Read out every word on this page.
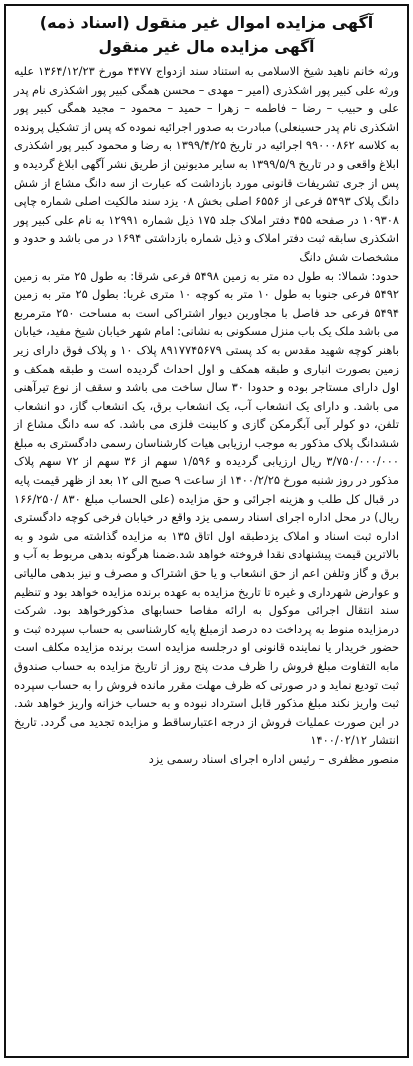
آگهی مزایده اموال غیر منقول (اسناد ذمه)
آگهی مزایده مال غیر منقول

ورثه خانم ناهید شیخ الاسلامی به استناد سند ازدواج ۴۴۷۷ مورخ ۱۳۶۴/۱۲/۲۳ علیه ورثه علی کبیر پور اشکذری (امیر – مهدی – محسن همگی کبیر پور اشکذری نام پدر علی و حبیب – رضا – فاطمه – زهرا – حمید – محمود – مجید همگی کبیر پور اشکذری نام پدر حسینعلی) مبادرت به صدور اجرائیه نموده که پس از تشکیل پرونده به کلاسه ۹۹۰۰۰۸۶۲ اجرائیه در تاریخ ۱۳۹۹/۴/۲۵ به رضا و محمود کبیر پور اشکذری ابلاغ واقعی و در تاریخ ۱۳۹۹/۵/۹ به سایر مدیونین از طریق نشر آگهی ابلاغ گردیده و پس از جری تشریفات قانونی مورد بازداشت که عبارت از سه دانگ مشاع از شش دانگ پلاک ۵۴۹۳ فرعی از ۶۵۵۶ اصلی بخش ۰۸ یزد سند مالکیت اصلی شماره چاپی ۱۰۹۳۰۸ در صفحه ۴۵۵ دفتر املاک جلد ۱۷۵ ذیل شماره ۱۲۹۹۱ به نام علی کبیر پور اشکذری سابقه ثبت دفتر املاک و ذیل شماره بازداشتی ۱۶۹۴ در می باشد و حدود و مشخصات شش دانگ

حدود: شمالا: به طول ده متر به زمین ۵۴۹۸ فرعی شرقا: به طول ۲۵ متر به زمین ۵۴۹۲ فرعی جنوبا به طول ۱۰ متر به کوچه ۱۰ متری غربا: بطول ۲۵ متر به زمین ۵۴۹۴ فرعی حد فاصل با مجاورین دیوار اشتراکی است به مساحت ۲۵۰ مترمربع می باشد ملک یک باب منزل مسکونی به نشانی: امام شهر خیابان شیخ مفید، خیابان باهنر کوچه شهید مقدس به کد پستی ۸۹۱۷۷۴۵۶۷۹ پلاک ۱۰ و پلاک فوق دارای زیر زمین بصورت انباری و طبقه همکف و اول احداث گردیده است و طبقه همکف و اول دارای مستاجر بوده و حدودا ۳۰ سال ساخت می باشد و سقف از نوع تیرآهنی می باشد. و دارای یک انشعاب آب، یک انشعاب برق، یک انشعاب گاز، دو انشعاب تلفن، دو کولر آبی آبگرمکن گازی و کابینت فلزی می باشد. که سه دانگ مشاع از ششدانگ پلاک مذکور به موجب ارزیابی هیات کارشناسان رسمی دادگستری به مبلغ ۳/۷۵۰/۰۰۰/۰۰۰ ریال ارزیابی گردیده و ۱/۵۹۶ سهم از ۳۶ سهم از ۷۲ سهم پلاک مذکور در روز شنبه مورخ ۱۴۰۰/۲/۲۵ از ساعت ۹ صبح الی ۱۲ بعد از ظهر قیمت پایه در قبال کل طلب و هزینه اجرائی و حق مزایده (علی الحساب مبلغ ۸۳۰ /۱۶۶/۲۵۰ ریال) در محل اداره اجرای اسناد رسمی یزد واقع در خیابان فرخی کوچه دادگستری اداره ثبت اسناد و املاک یزدطبقه اول اتاق ۱۳۵ به مزایده گذاشته می شود و به بالاترین قیمت پیشنهادی نقدا فروخته خواهد شد.ضمنا هرگونه بدهی مربوط به آب و برق و گاز وتلفن اعم از حق انشعاب و یا حق اشتراک و مصرف و نیز بدهی مالیاتی و عوارض شهرداری و غیره تا تاریخ مزایده به عهده برنده مزایده خواهد بود و تنظیم سند انتقال اجرائی موکول به ارائه مفاصا حسابهای مذکورخواهد بود. شرکت درمزایده منوط به پرداخت ده درصد ازمبلغ پایه کارشناسی به حساب سپرده ثبت و حضور خریدار یا نماینده قانونی او درجلسه مزایده است برنده مزایده مکلف است مابه التفاوت مبلغ فروش را ظرف مدت پنج روز از تاریخ مزایده به حساب صندوق ثبت تودیع نماید و در صورتی که ظرف مهلت مقرر مانده فروش را به حساب سپرده ثبت واریز نکند مبلغ مذکور قابل استرداد نبوده و به حساب خزانه واریز خواهد شد. در این صورت عملیات فروش از درجه اعتبارساقط و مزایده تجدید می گردد. تاریخ انتشار ۱۴۰۰/۰۲/۱۲

منصور مظفری – رئیس اداره اجرای اسناد رسمی یزد
